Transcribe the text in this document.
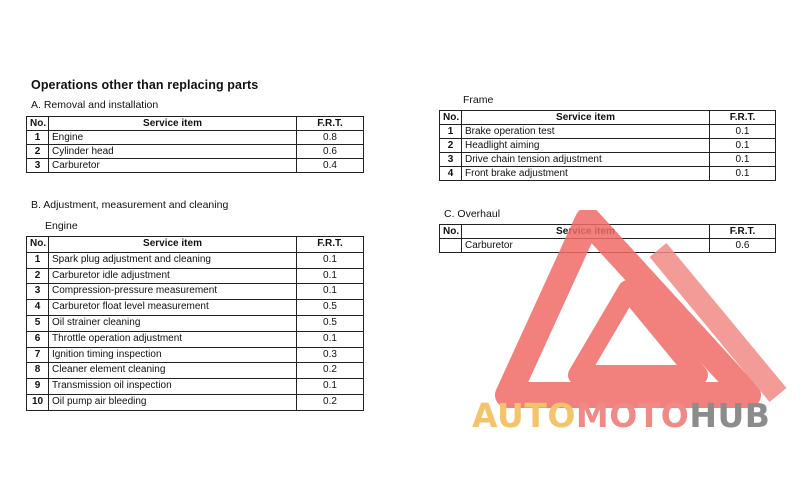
Operations other than replacing parts
A. Removal and installation
No.	Service item	F.R.T.
1	Engine	0.8
2	Cylinder head	0.6
3	Carburetor	0.4
B. Adjustment, measurement and cleaning
Engine
No.	Service item	F.R.T.
1	Spark plug adjustment and cleaning	0.1
2	Carburetor idle adjustment	0.1
3	Compression-pressure measurement	0.1
4	Carburetor float level measurement	0.5
5	Oil strainer cleaning	0.5
6	Throttle operation adjustment	0.1
7	Ignition timing inspection	0.3
8	Cleaner element cleaning	0.2
9	Transmission oil inspection	0.1
10	Oil pump air bleeding	0.2
Frame
No.	Service item	F.R.T.
1	Brake operation test	0.1
2	Headlight aiming	0.1
3	Drive chain tension adjustment	0.1
4	Front brake adjustment	0.1
C. Overhaul
No.	Service item	F.R.T.
	Carburetor	0.6
AUTOMOTOHUB
